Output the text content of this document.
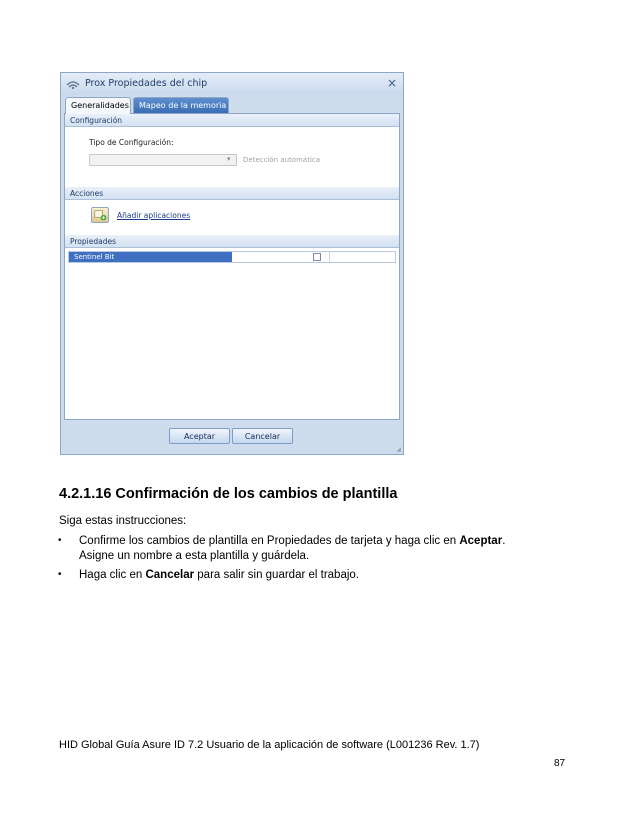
Prox Propiedades del chip	×
Generalidades	Mapeo de la memoria
Configuración
Tipo de Configuración:
▾	Detección automática
Acciones
Añadir aplicaciones
Propiedades
Sentinel Bit
Aceptar	Cancelar
◢
4.2.1.16 Confirmación de los cambios de plantilla
Siga estas instrucciones:
• Confirme los cambios de plantilla en Propiedades de tarjeta y haga clic en Aceptar.
Asigne un nombre a esta plantilla y guárdela.
• Haga clic en Cancelar para salir sin guardar el trabajo.
HID Global Guía Asure ID 7.2 Usuario de la aplicación de software (L001236 Rev. 1.7)
87
